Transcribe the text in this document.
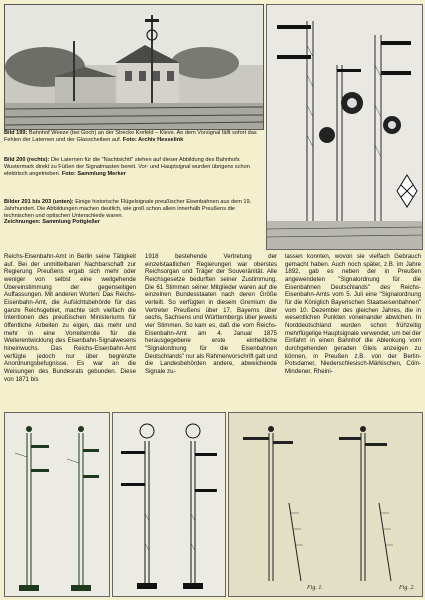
Bild 199: Bahnhof Weeze (bei Goch) an der Strecke Krefeld – Kleve. An dem Vorsignal fällt sofort das Fehlen der Laternen und der Glasscheiben auf. Foto: Archiv Hesselink
Bild 200 (rechts): Die Laternen für die "Nachtsichtt" stehen auf dieser Abbildung des Bahnhofs Wustermark direkt zu Füßen der Signalmasten bereit. Vor- und Hauptsignal wurden übrigens schon elektrisch angetrieben. Foto: Sammlung Merker
Bilder 201 bis 203 (unten): Einige historische Flügelsignale preußischer Eisenbahnen aus dem 19. Jahrhundert. Die Abbildungen machen deutlich, wie groß schon allein innerhalb Preußens die technischen und optischen Unterschiede waren.
Zeichnungen: Sammlung Pottgießer

Reichs-Eisenbahn-Amt in Berlin seine Tätigkeit auf. Bei der unmittelbaren Nachbarschaft zur Regierung Preußens ergab sich mehr oder weniger von selbst eine weitgehende Übereinstimmung der gegenseitigen Auffassungen. Mit anderen Worten: Das Reichs-Eisenbahn-Amt, die Aufsichtsbehörde für das ganze Reichsgebiet, machte sich vielfach die Intentionen des preußischen Ministeriums für öffentliche Arbeiten zu eigen, das mehr und mehr in eine Vorreiterrolle für die Weiterentwicklung des Eisenbahn-Signalwesens hineinwuchs. Das Reichs-Eisenbahn-Amt verfügte jedoch nur über begrenzte Anordnungsbefugnisse. Es war an die Weisungen des Bundesrats gebunden. Diese von 1871 bis

1918 bestehende Vertretung der einzelstaatlichen Regierungen war oberstes Reichsorgan und Träger der Souveränität. Alle Reichsgesetze bedurften seiner Zustimmung. Die 61 Stimmen seiner Mitglieder waren auf die einzelnen Bundesstaaten nach deren Größe verteilt. So verfügten in diesem Gremium die Vertreter Preußens über 17, Bayerns über sechs, Sachsens und Württembergs über jeweils vier Stimmen. So kam es, daß die vom Reichs-Eisenbahn-Amt am 4. Januar 1875 herausgegebene erste einheitliche "Signalordnung für die Eisenbahnen Deutschlands" nur als Rahmenvorschrift galt und die Landesbehörden andere, abweichende Signale zu-

lassen konnten, wovon sie vielfach Gebrauch gemacht haben. Auch noch später, z.B. im Jahre 1892, gab es neben der in Preußen angewendeten "Signalordnung für die Eisenbahnen Deutschlands" des Reichs-Eisenbahn-Amts vom 5. Juli eine "Signalordnung für die Königlich Bayerischen Staatseisenbahnen" vom 10. Dezember des gleichen Jahres, die in wesentlichen Punkten voneinander abwichen. In Norddeutschland wurden schon frühzeitig mehrflügelige Hauptsignale verwendet, um bei der Einfahrt in einen Bahnhof die Ablenkung vom durchgehenden geraden Gleis anzeigen zu können, in Preußen z.B. von der Berlin-Potsdamer, Niederschlesisch-Märkischen, Cöln-Mindener, Rheini-

Fig. 1.	Fig. 2.
